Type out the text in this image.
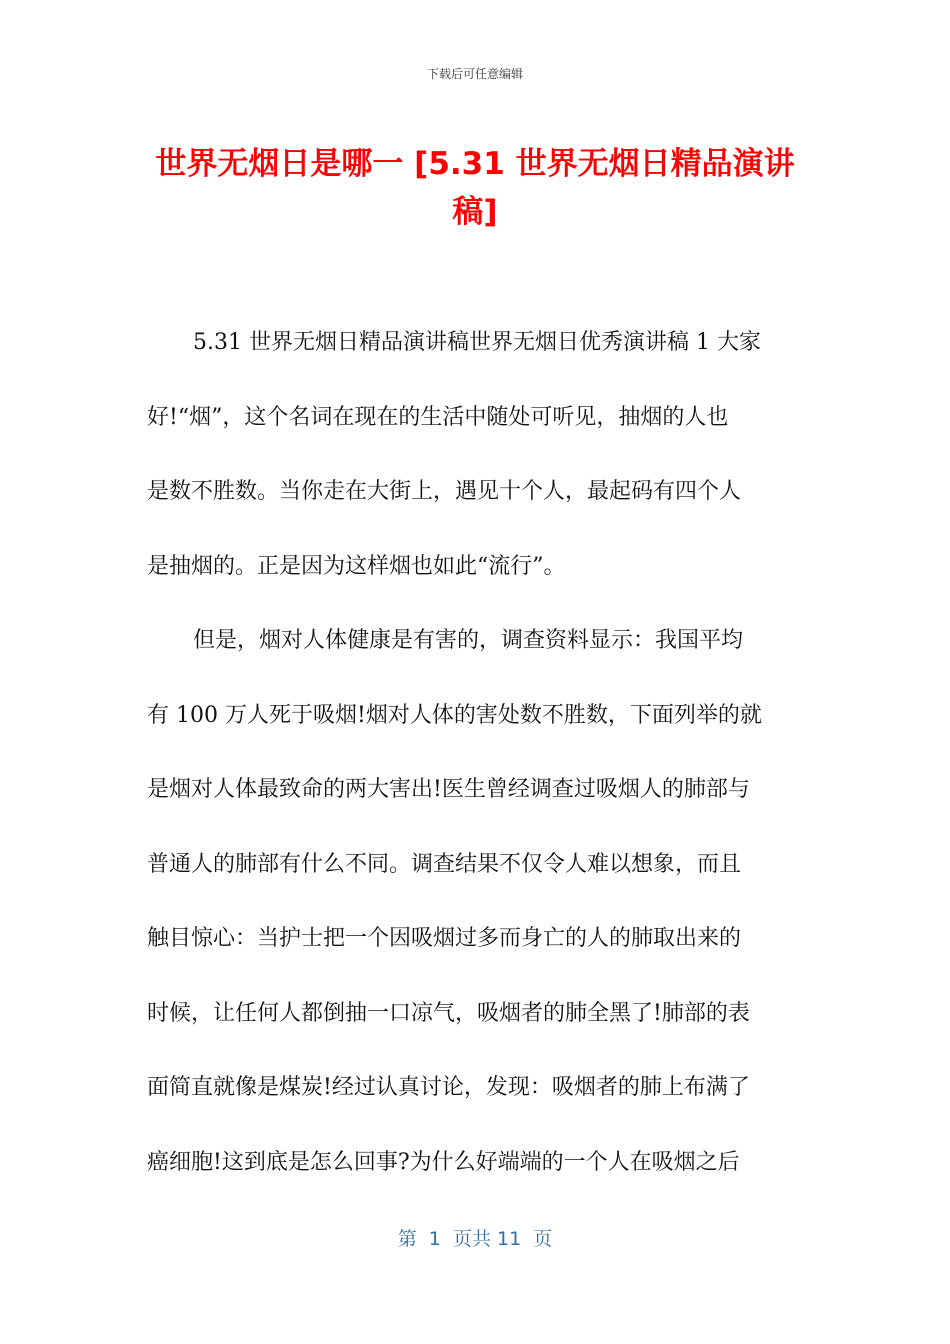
下载后可任意编辑
世界无烟日是哪一 [5.31 世界无烟日精品演讲稿]
5.31 世界无烟日精品演讲稿世界无烟日优秀演讲稿 1 大家
好!“烟”，这个名词在现在的生活中随处可听见，抽烟的人也
是数不胜数。当你走在大街上，遇见十个人，最起码有四个人
是抽烟的。正是因为这样烟也如此“流行”。
但是，烟对人体健康是有害的，调查资料显示：我国平均
有 100 万人死于吸烟!烟对人体的害处数不胜数，下面列举的就
是烟对人体最致命的两大害出!医生曾经调查过吸烟人的肺部与
普通人的肺部有什么不同。调查结果不仅令人难以想象，而且
触目惊心：当护士把一个因吸烟过多而身亡的人的肺取出来的
时候，让任何人都倒抽一口凉气，吸烟者的肺全黑了!肺部的表
面简直就像是煤炭!经过认真讨论，发现：吸烟者的肺上布满了
癌细胞!这到底是怎么回事?为什么好端端的一个人在吸烟之后
第  1  页共 11  页
